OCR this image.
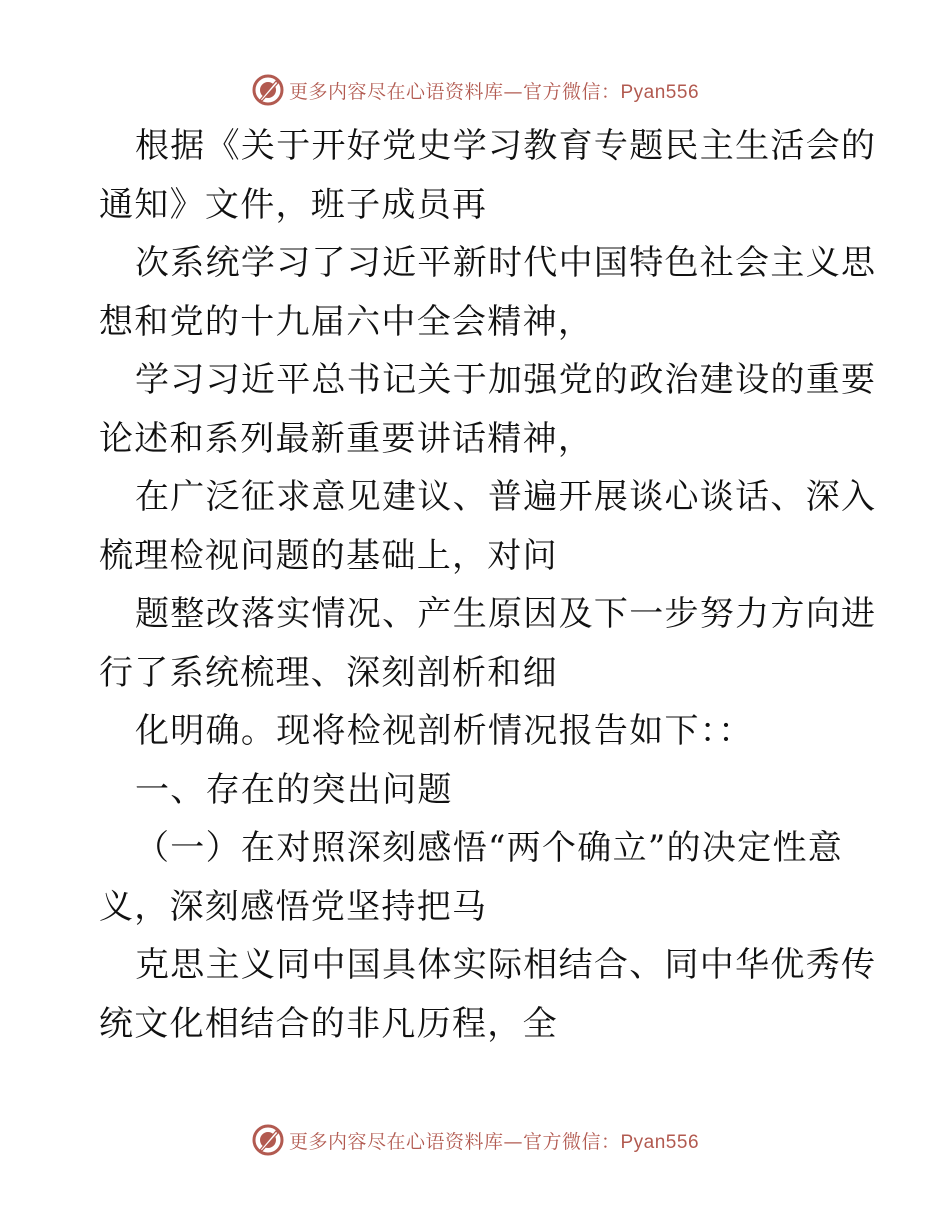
更多内容尽在心语资料库—官方微信：Pyan556
根据《关于开好党史学习教育专题民主生活会的
通知》文件，班子成员再
次系统学习了习近平新时代中国特色社会主义思
想和党的十九届六中全会精神，
学习习近平总书记关于加强党的政治建设的重要
论述和系列最新重要讲话精神，
在广泛征求意见建议、普遍开展谈心谈话、深入
梳理检视问题的基础上，对问
题整改落实情况、产生原因及下一步努力方向进
行了系统梳理、深刻剖析和细
化明确。现将检视剖析情况报告如下：：
一、存在的突出问题
（一）在对照深刻感悟“两个确立”的决定性意
义，深刻感悟党坚持把马
克思主义同中国具体实际相结合、同中华优秀传
统文化相结合的非凡历程，全
更多内容尽在心语资料库—官方微信：Pyan556
